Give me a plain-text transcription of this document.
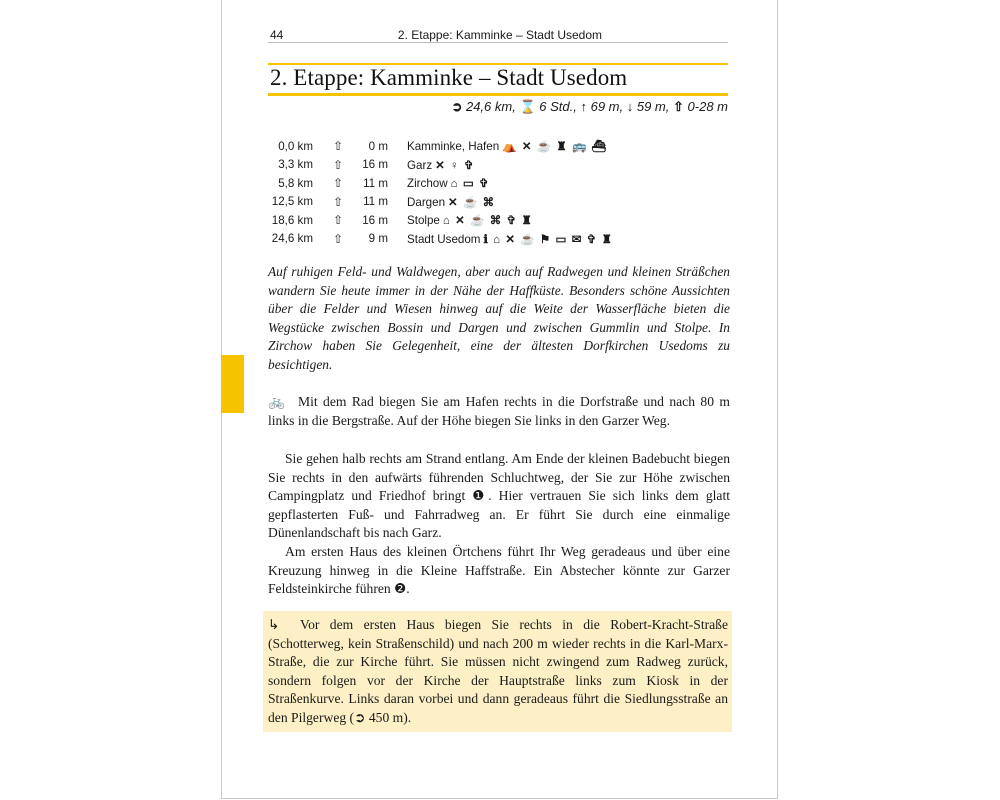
44	2. Etappe: Kamminke – Stadt Usedom
2. Etappe: Kamminke – Stadt Usedom
➲ 24,6 km, ⌛ 6 Std., ↑ 69 m, ↓ 59 m, ⇧ 0-28 m
0,0 km	⇧	0 m	Kamminke, Hafen ⛺ ✕ ☕ ♜ 🚌 ⛴
3,3 km	⇧	16 m	Garz ✕ ♀ ✞
5,8 km	⇧	11 m	Zirchow ⌂ ▭ ✞
12,5 km	⇧	11 m	Dargen ✕ ☕ ⌘
18,6 km	⇧	16 m	Stolpe ⌂ ✕ ☕ ⌘ ✞ ♜
24,6 km	⇧	9 m	Stadt Usedom ℹ ⌂ ✕ ☕ ⚑ ▭ ✉ ✞ ♜
Auf ruhigen Feld- und Waldwegen, aber auch auf Radwegen und kleinen Sträßchen wandern Sie heute immer in der Nähe der Haffküste. Besonders schöne Aussichten über die Felder und Wiesen hinweg auf die Weite der Wasserfläche bieten die Wegstücke zwischen Bossin und Dargen und zwischen Gummlin und Stolpe. In Zirchow haben Sie Gelegenheit, eine der ältesten Dorfkirchen Usedoms zu besichtigen.
🚲 Mit dem Rad biegen Sie am Hafen rechts in die Dorfstraße und nach 80 m links in die Bergstraße. Auf der Höhe biegen Sie links in den Garzer Weg.
Sie gehen halb rechts am Strand entlang. Am Ende der kleinen Badebucht biegen Sie rechts in den aufwärts führenden Schluchtweg, der Sie zur Höhe zwischen Campingplatz und Friedhof bringt ❶. Hier vertrauen Sie sich links dem glatt gepflasterten Fuß- und Fahrradweg an. Er führt Sie durch eine einmalige Dünenlandschaft bis nach Garz.
Am ersten Haus des kleinen Örtchens führt Ihr Weg geradeaus und über eine Kreuzung hinweg in die Kleine Haffstraße. Ein Abstecher könnte zur Garzer Feldsteinkirche führen ❷.
↳ Vor dem ersten Haus biegen Sie rechts in die Robert-Kracht-Straße (Schotterweg, kein Straßenschild) und nach 200 m wieder rechts in die Karl-Marx-Straße, die zur Kirche führt. Sie müssen nicht zwingend zum Radweg zurück, sondern folgen vor der Kirche der Hauptstraße links zum Kiosk in der Straßenkurve. Links daran vorbei und dann geradeaus führt die Siedlungsstraße an den Pilgerweg (➲ 450 m).
